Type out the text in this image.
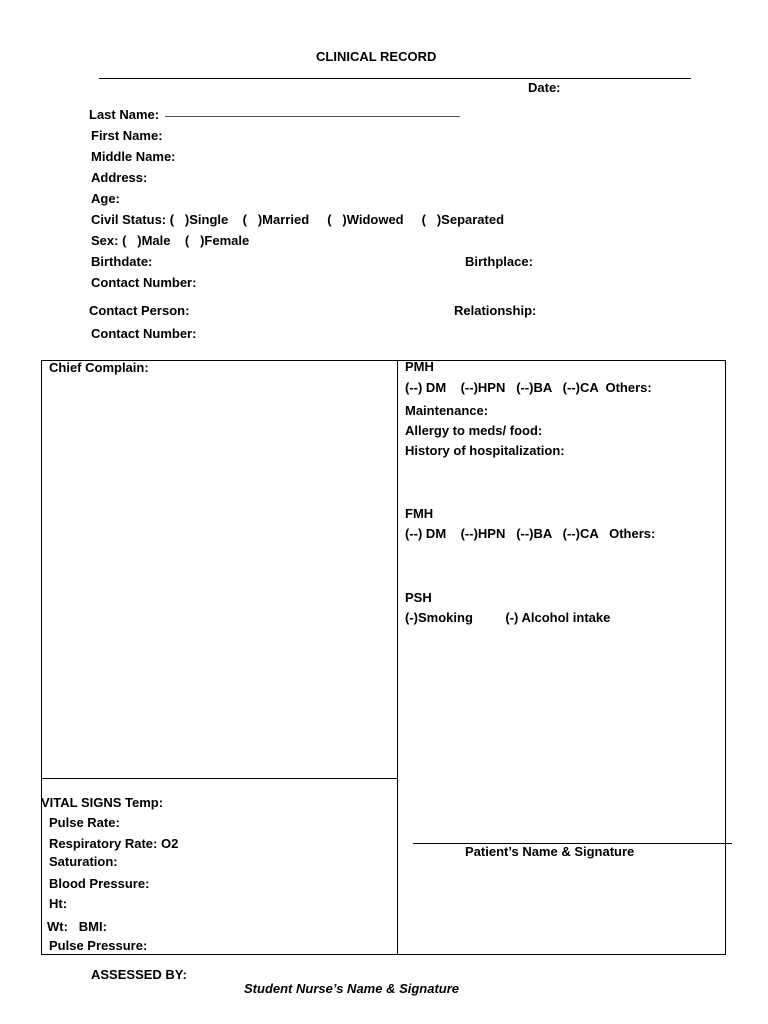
CLINICAL RECORD
Date:
Last Name:
First Name:
Middle Name:
Address:
Age:
Civil Status: (   )Single    (   )Married     (   )Widowed     (   )Separated
Sex: (   )Male    (   )Female
Birthdate:	Birthplace:
Contact Number:
Contact Person:	Relationship:
Contact Number:
Chief Complain:
VITAL SIGNS Temp:
Pulse Rate:
Respiratory Rate: O2
Saturation:
Blood Pressure:
Ht:
Wt:   BMI:
Pulse Pressure:
PMH
(--) DM    (--)HPN   (--)BA   (--)CA  Others:
Maintenance:
Allergy to meds/ food:
History of hospitalization:
FMH
(--) DM    (--)HPN   (--)BA   (--)CA   Others:
PSH
(-)Smoking         (-) Alcohol intake
Patient’s Name & Signature
ASSESSED BY:
Student Nurse’s Name & Signature
